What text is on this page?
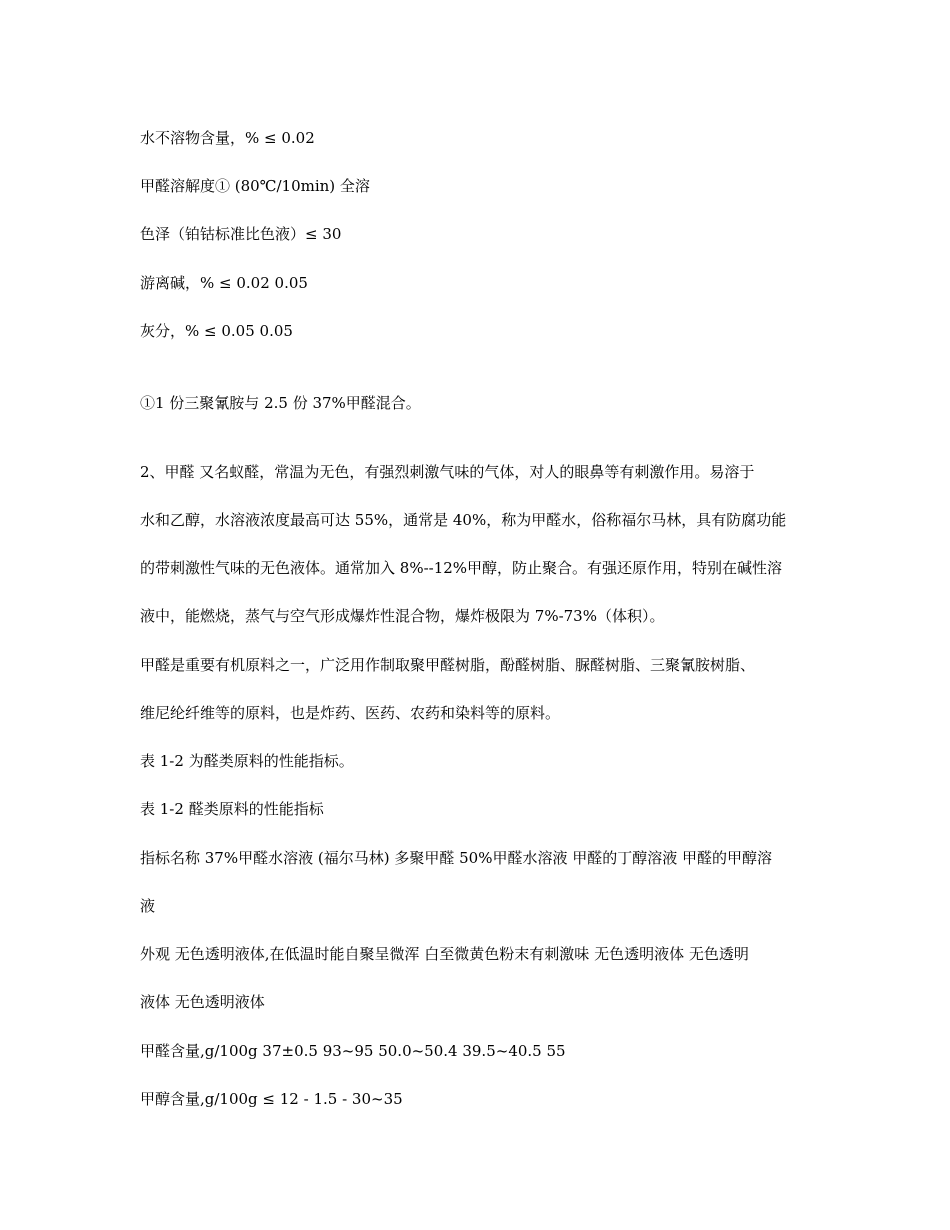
水不溶物含量，% ≤ 0.02
甲醛溶解度① (80℃/10min) 全溶
色泽（铂钴标准比色液）≤ 30
游离碱，% ≤ 0.02 0.05
灰分，% ≤ 0.05 0.05
①1 份三聚氰胺与 2.5 份 37%甲醛混合。
2、甲醛 又名蚁醛，常温为无色，有强烈刺激气味的气体，对人的眼鼻等有刺激作用。易溶于
水和乙醇，水溶液浓度最高可达 55%，通常是 40%，称为甲醛水，俗称福尔马林，具有防腐功能
的带刺激性气味的无色液体。通常加入 8%--12%甲醇，防止聚合。有强还原作用，特别在碱性溶
液中，能燃烧，蒸气与空气形成爆炸性混合物，爆炸极限为 7%-73%（体积）。
甲醛是重要有机原料之一，广泛用作制取聚甲醛树脂，酚醛树脂、脲醛树脂、三聚氰胺树脂、
维尼纶纤维等的原料，也是炸药、医药、农药和染料等的原料。
表 1-2 为醛类原料的性能指标。
表 1-2 醛类原料的性能指标
指标名称 37%甲醛水溶液 (福尔马林) 多聚甲醛 50%甲醛水溶液 甲醛的丁醇溶液 甲醛的甲醇溶
液
外观 无色透明液体,在低温时能自聚呈微浑 白至微黄色粉末有刺激味 无色透明液体 无色透明
液体 无色透明液体
甲醛含量,g/100g 37±0.5 93~95 50.0~50.4 39.5~40.5 55
甲醇含量,g/100g ≤ 12 - 1.5 - 30~35
